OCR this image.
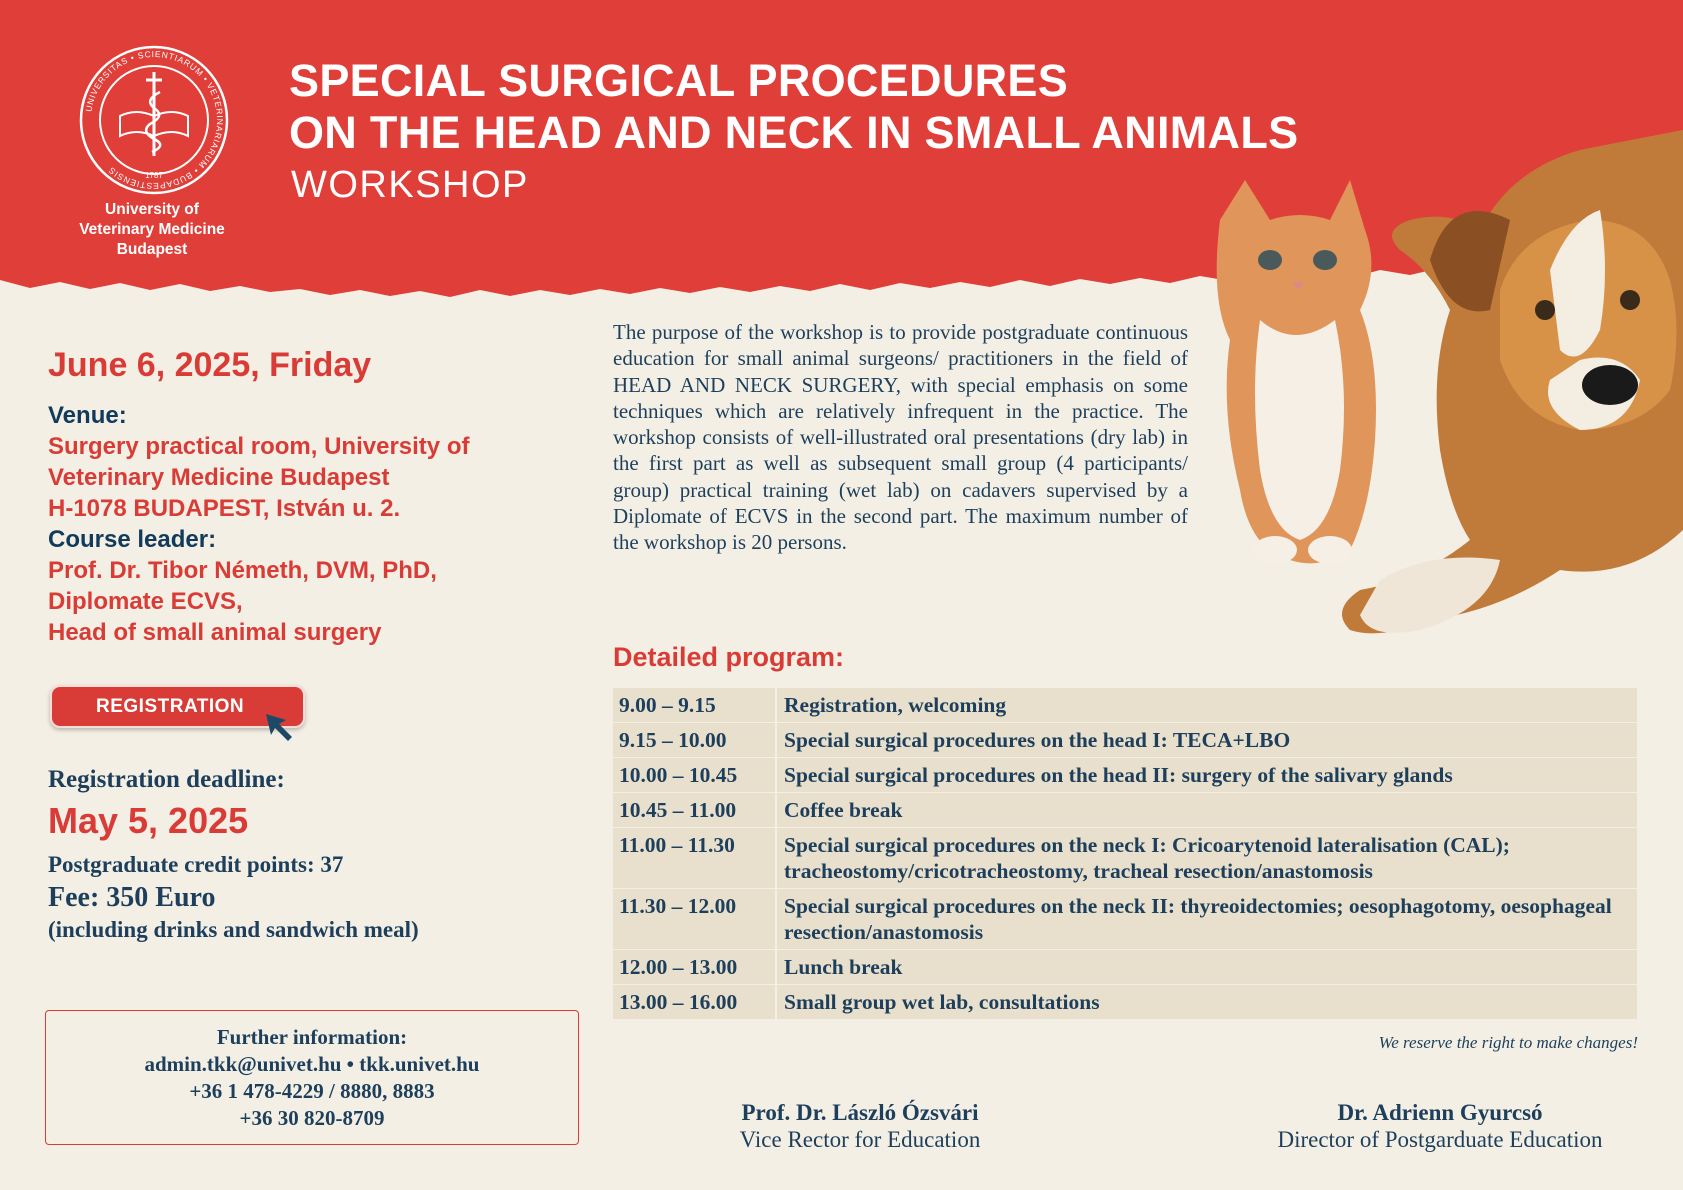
UNIVERSITAS • SCIENTIARUM • VETERINARIARUM • BUDAPESTIENSIS	1787
University of
Veterinary Medicine
Budapest
SPECIAL SURGICAL PROCEDURES
ON THE HEAD AND NECK IN SMALL ANIMALS
WORKSHOP
June 6, 2025, Friday
Venue:
Surgery practical room, University of
Veterinary Medicine Budapest
H-1078 BUDAPEST, István u. 2.
Course leader:
Prof. Dr. Tibor Németh, DVM, PhD,
Diplomate ECVS,
Head of small animal surgery
REGISTRATION
Registration deadline:
May 5, 2025
Postgraduate credit points: 37
Fee: 350 Euro
(including drinks and sandwich meal)
Further information:
admin.tkk@univet.hu • tkk.univet.hu
+36 1 478-4229 / 8880, 8883
+36 30 820-8709
The purpose of the workshop is to provide postgraduate continuous education for small animal surgeons/ practitioners in the field of HEAD AND NECK SURGERY, with special emphasis on some techniques which are relatively infrequent in the practice. The workshop consists of well-illustrated oral presentations (dry lab) in the first part as well as subsequent small group (4 participants/ group) practical training (wet lab) on cadavers supervised by a Diplomate of ECVS in the second part. The maximum number of the workshop is 20 persons.
Detailed program:
9.00 – 9.15	Registration, welcoming
9.15 – 10.00	Special surgical procedures on the head I: TECA+LBO
10.00 – 10.45	Special surgical procedures on the head II: surgery of the salivary glands
10.45 – 11.00	Coffee break
11.00 – 11.30	Special surgical procedures on the neck I: Cricoarytenoid lateralisation (CAL); tracheostomy/cricotracheostomy, tracheal resection/anastomosis
11.30 – 12.00	Special surgical procedures on the neck II: thyreoidectomies; oesophagotomy, oesophageal resection/anastomosis
12.00 – 13.00	Lunch break
13.00 – 16.00	Small group wet lab, consultations
We reserve the right to make changes!
Prof. Dr. László Ózsvári
Vice Rector for Education
Dr. Adrienn Gyurcsó
Director of Postgarduate Education
